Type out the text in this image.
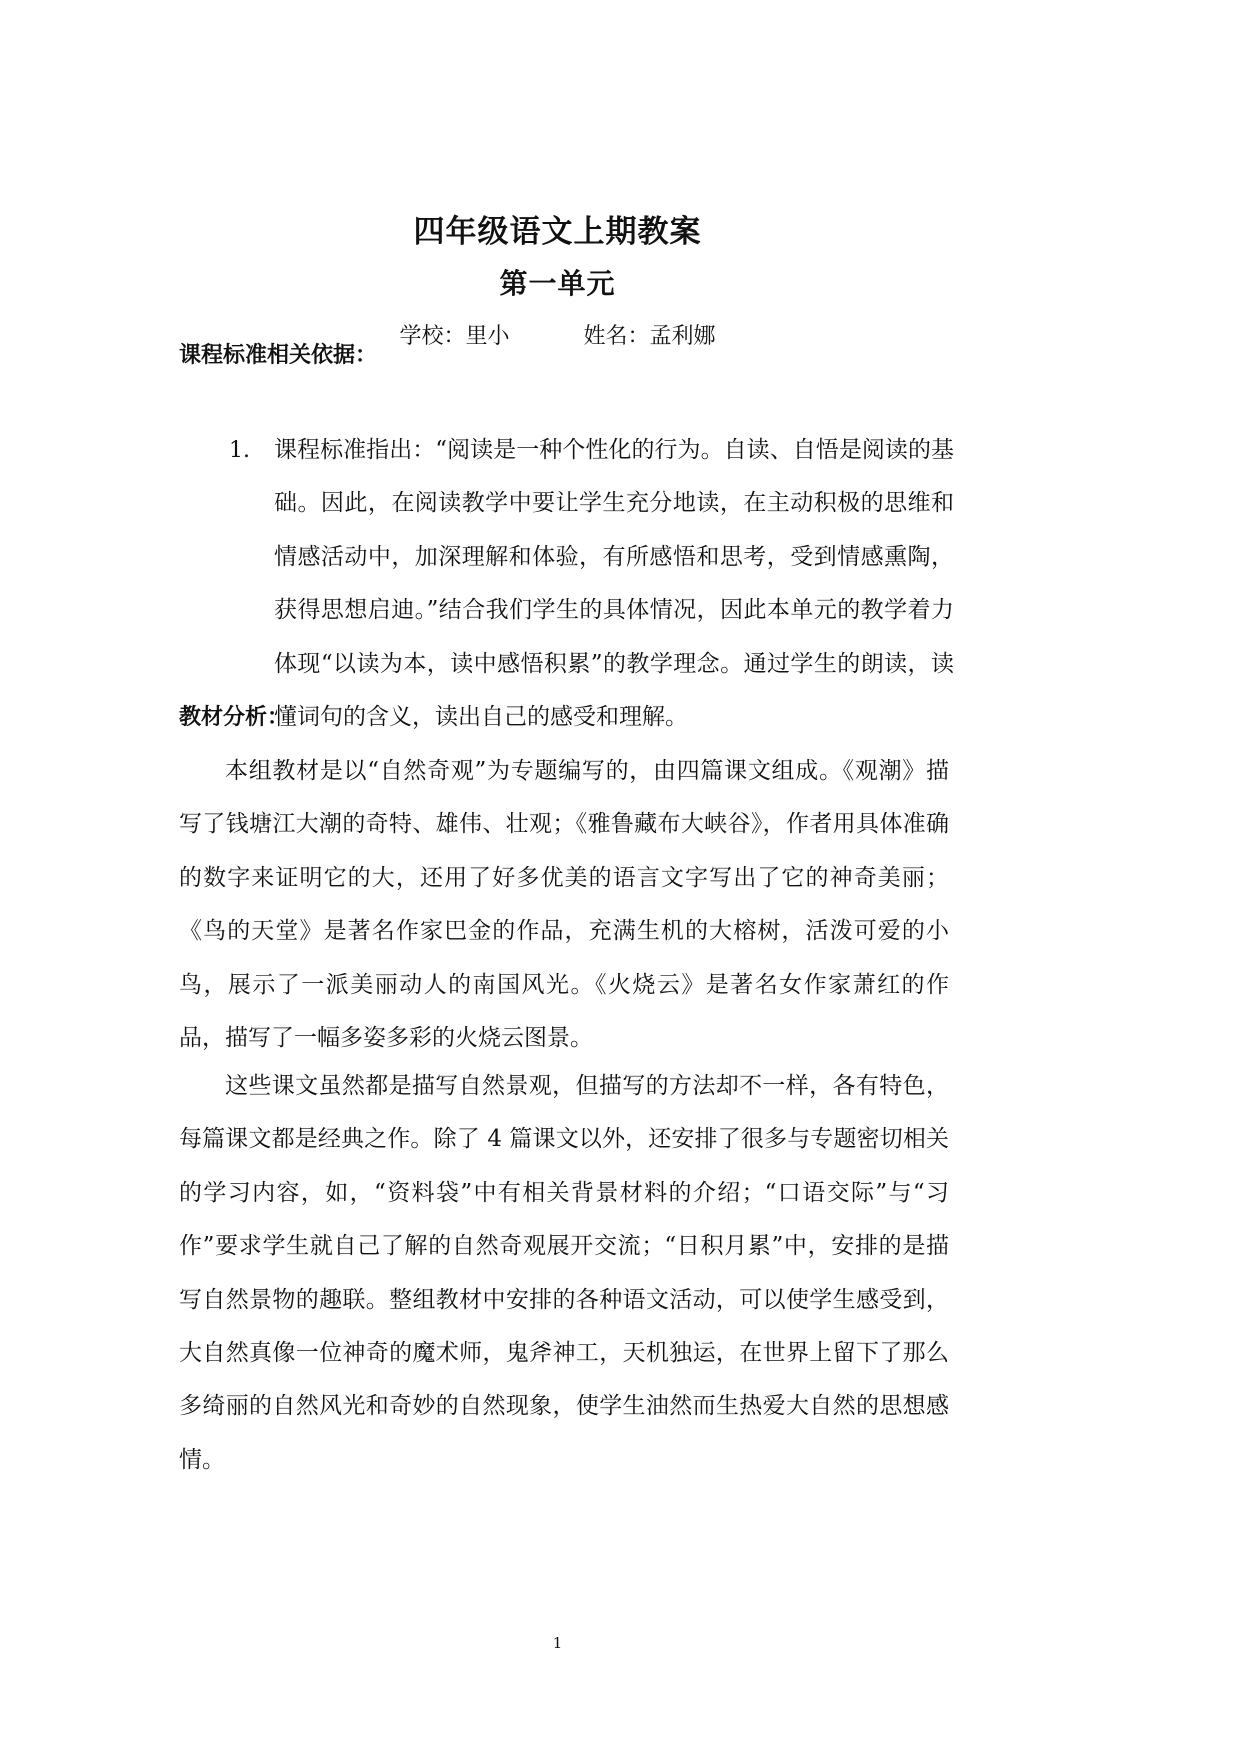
四年级语文上期教案
第一单元
学校：里小	姓名：孟利娜
课程标准相关依据：
1. 课程标准指出：“阅读是一种个性化的行为。自读、自悟是阅读的基础。因此，在阅读教学中要让学生充分地读，在主动积极的思维和情感活动中，加深理解和体验，有所感悟和思考，受到情感熏陶，获得思想启迪。”结合我们学生的具体情况，因此本单元的教学着力体现“以读为本，读中感悟积累”的教学理念。通过学生的朗读，读懂词句的含义，读出自己的感受和理解。
教材分析：

本组教材是以“自然奇观”为专题编写的，由四篇课文组成。《观潮》描写了钱塘江大潮的奇特、雄伟、壮观；《雅鲁藏布大峡谷》，作者用具体准确的数字来证明它的大，还用了好多优美的语言文字写出了它的神奇美丽；《鸟的天堂》是著名作家巴金的作品，充满生机的大榕树，活泼可爱的小鸟，展示了一派美丽动人的南国风光。《火烧云》是著名女作家萧红的作品，描写了一幅多姿多彩的火烧云图景。

这些课文虽然都是描写自然景观，但描写的方法却不一样，各有特色，每篇课文都是经典之作。除了 4 篇课文以外，还安排了很多与专题密切相关的学习内容，如，“资料袋”中有相关背景材料的介绍；“口语交际”与“习作”要求学生就自己了解的自然奇观展开交流；“日积月累”中，安排的是描写自然景物的趣联。整组教材中安排的各种语文活动，可以使学生感受到，大自然真像一位神奇的魔术师，鬼斧神工，天机独运，在世界上留下了那么多绮丽的自然风光和奇妙的自然现象，使学生油然而生热爱大自然的思想感情。

1
